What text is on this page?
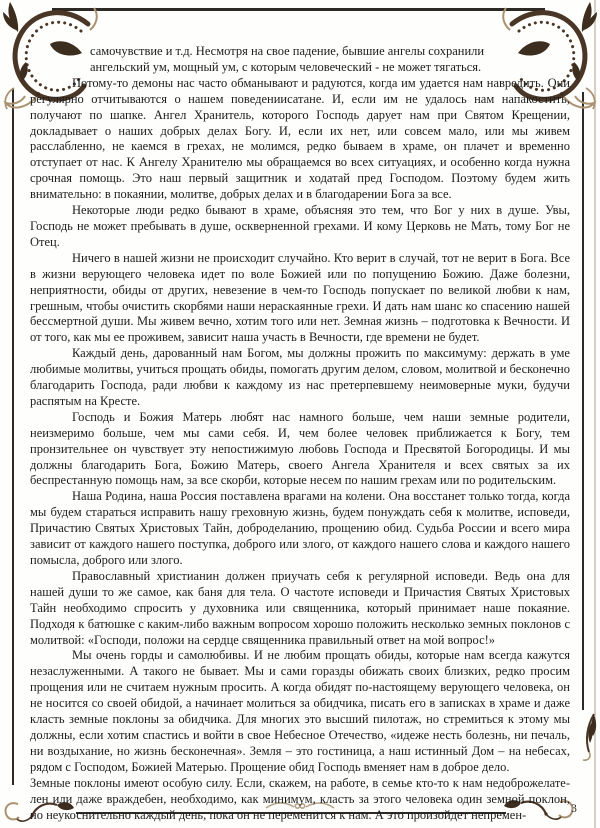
самочувствие и т.д. Несмотря на свое падение, бывшие ангелы сохранили
ангельский ум, мощный ум, с которым человеческий - не может тягаться.

Потому-то демоны нас часто обманывают и радуются, когда им удается нам навредить. Они регулярно отчитываются о нашем поведениисатане. И, если им не удалось нам напакостить, получают по шапке. Ангел Хранитель, которого Господь дарует нам при Святом Крещении, докладывает о наших добрых делах Богу. И, если их нет, или совсем мало, или мы живем расслабленно, не каемся в грехах, не молимся, редко бываем в храме, он плачет и временно отступает от нас. К Ангелу Хранителю мы обращаемся во всех ситуациях, и особенно когда нужна срочная помощь. Это наш первый защитник и ходатай пред Господом. Поэтому будем жить внимательно: в покаянии, молитве, добрых делах и в благодарении Бога за все.

Некоторые люди редко бывают в храме, объясняя это тем, что Бог у них в душе. Увы, Господь не может пребывать в душе, оскверненной грехами. И кому Церковь не Мать, тому Бог не Отец.

Ничего в нашей жизни не происходит случайно. Кто верит в случай, тот не верит в Бога. Все в жизни верующего человека идет по воле Божией или по попущению Божию. Даже болезни, неприятности, обиды от других, невезение в чем-то Господь попускает по великой любви к нам, грешным, чтобы очистить скорбями наши нераскаянные грехи. И дать нам шанс ко спасению нашей бессмертной души. Мы живем вечно, хотим того или нет. Земная жизнь – подготовка к Вечности. И от того, как мы ее проживем, зависит наша участь в Вечности, где времени не будет.

Каждый день, дарованный нам Богом, мы должны прожить по максимуму: держать в уме любимые молитвы, учиться прощать обиды, помогать другим делом, словом, молитвой и бесконечно благодарить Господа, ради любви к каждому из нас претерпевшему неимоверные муки, будучи распятым на Кресте.

Господь и Божия Матерь любят нас намного больше, чем наши земные родители, неизмеримо больше, чем мы сами себя. И, чем более человек приближается к Богу, тем пронзительнее он чувствует эту непостижимую любовь Господа и Пресвятой Богородицы. И мы должны благодарить Бога, Божию Матерь, своего Ангела Хранителя и всех святых за их беспрестанную помощь нам, за все скорби, которые несем по нашим грехам или по родительским.

Наша Родина, наша Россия поставлена врагами на колени. Она восстанет только тогда, когда мы будем стараться исправить нашу греховную жизнь, будем понуждать себя к молитве, исповеди, Причастию Святых Христовых Тайн, доброделанию, прощению обид. Судьба России и всего мира зависит от каждого нашего поступка, доброго или злого, от каждого нашего слова и каждого нашего помысла, доброго или злого.

Православный христианин должен приучать себя к регулярной исповеди. Ведь она для нашей души то же самое, как баня для тела. О частоте исповеди и Причастия Святых Христовых Тайн необходимо спросить у духовника или священника, который принимает наше покаяние. Подходя к батюшке с каким-либо важным вопросом хорошо положить несколько земных поклонов с молитвой: «Господи, положи на сердце священника правильный ответ на мой вопрос!»

Мы очень горды и самолюбивы. И не любим прощать обиды, которые нам всегда кажутся незаслуженными. А такого не бывает. Мы и сами горазды обижать своих близких, редко просим прощения или не считаем нужным просить. А когда обидят по-настоящему верующего человека, он не носится со своей обидой, а начинает молиться за обидчика, писать его в записках в храме и даже класть земные поклоны за обидчика. Для многих это высший пилотаж, но стремиться к этому мы должны, если хотим спастись и войти в свое Небесное Отечество, «идеже несть болезнь, ни печаль, ни воздыхание, но жизнь бесконечная». Земля – это гостиница, а наш истинный Дом – на небесах, рядом с Господом, Божией Матерью. Прощение обид Господь вменяет нам в доброе дело.

Земные поклоны имеют особую силу. Если, скажем, на работе, в семье кто-то к нам недоброжелате-лен или даже враждебен, необходимо, как минимум, класть за этого человека один земной поклон, но неукоснительно каждый день, пока он не переменится к нам. А это произойдет непремен-	3
